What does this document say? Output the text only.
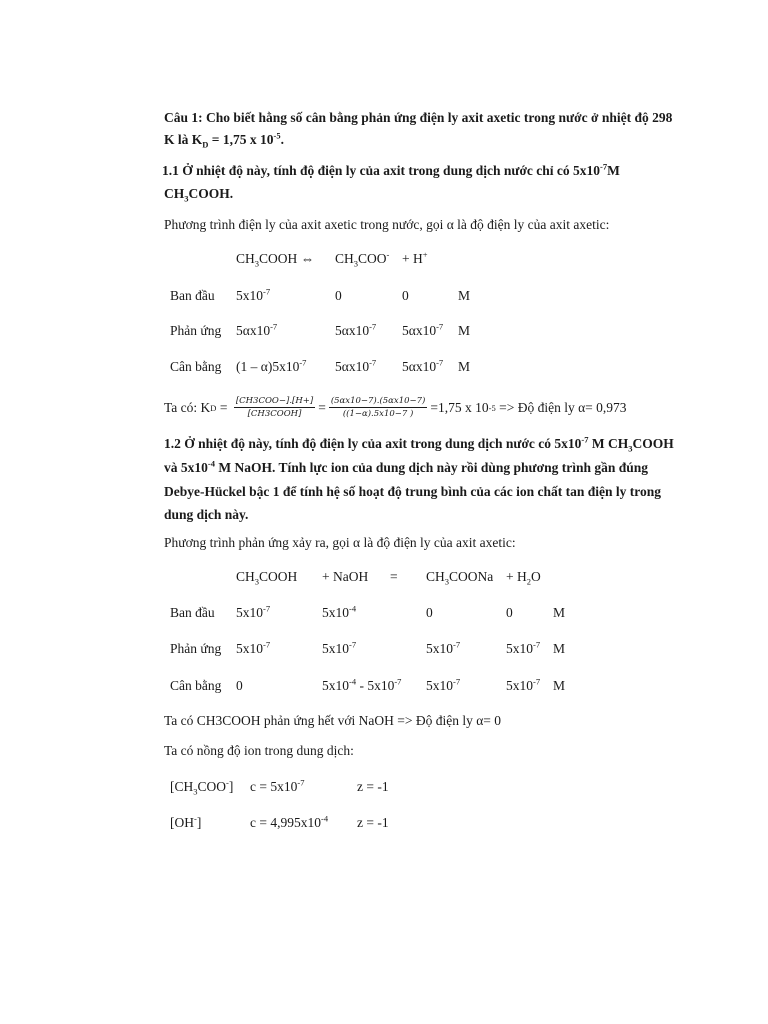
Câu 1: Cho biết hằng số cân bằng phản ứng điện ly axit axetic trong nước ở nhiệt độ 298
K là $K_D = 1,75$ x $10^{-5}$.
1.1 Ở nhiệt độ này, tính độ điện ly của axit trong dung dịch nước chỉ có $5x10^{-7}M$
$CH_3COOH$.
Phương trình điện ly của axit axetic trong nước, gọi α là độ điện ly của axit axetic:
$CH_3COOH$ ⇔ $CH_3COO^- + H^+$
Ban đầu $5x10^{-7}$	0	0	M
Phản ứng $5\alpha x10^{-7}$	$5\alpha x10^{-7}$ $5\alpha x10^{-7}$ M
Cân bằng $(1 - \alpha)5x10^{-7}$ $5\alpha x10^{-7}$ $5\alpha x10^{-7}$ M
Ta có: K $D = \frac{\text{[CH3COO−].[H+]}}{\text{[CH3COOH]}} = \frac{(5\alpha x10-7).(5\alpha x10-7)}{((1-\alpha).5x10-7 )} =1,75$ x 10 -5 => Độ điện ly α= 0,973
1.2 Ở nhiệt độ này, tính độ điện ly của axit trong dung dịch nước có $5x10^{-7}$ M $CH_3COOH$
và $5x10^{-4}$ M NaOH. Tính lực ion của dung dịch này rồi dùng phương trình gần đúng
Debye-Hückel bậc 1 để tính hệ số hoạt độ trung bình của các ion chất tan điện ly trong
dung dịch này.
Phương trình phản ứng xảy ra, gọi α là độ điện ly của axit axetic:
$CH_3COOH$ + NaOH = $CH_3COONa + H_2O$
Ban đầu $5x10^{-7}$	$5x10^{-4}$	0	0	M
Phản ứng $5x10^{-7}$	$5x10^{-7}$	$5x10^{-7}$	$5x10^{-7}$ M
Cân bằng 0	$5x10^{-4} - 5x10^{-7}$ $5x10^{-7}$	$5x10^{-7}$ M
Ta có CH3COOH phản ứng hết với NaOH => Độ điện ly α= 0
Ta có nồng độ ion trong dung dịch:
$[CH_3COO^-] c = 5x10^{-7}$	z = -1
[OH-]	$c = 4,995x10^{-4}$ z = -1
